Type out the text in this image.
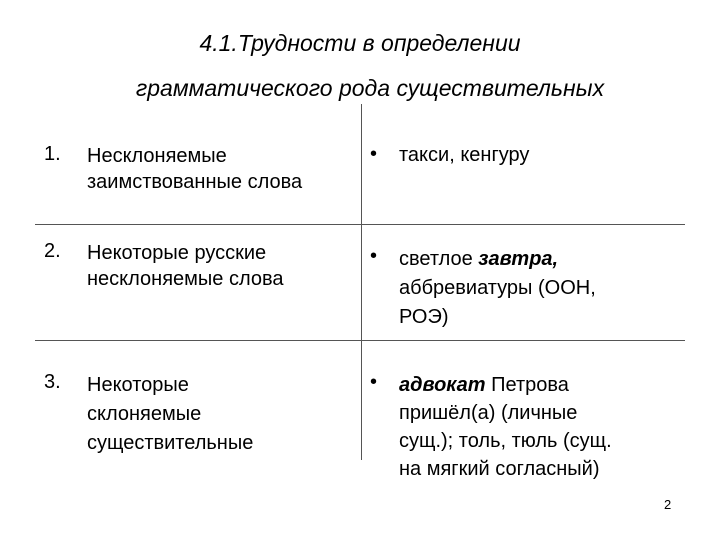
4.1.Трудности в определении
грамматического рода существительных
1. Несклоняемые
заимствованные слова
• такси, кенгуру
2. Некоторые русские
несклоняемые слова
• светлое завтра,
аббревиатуры (ООН,
РОЭ)
3. Некоторые
склоняемые
существительные
• адвокат Петрова
пришёл(а) (личные
сущ.); толь, тюль (сущ.
на мягкий согласный)
2
